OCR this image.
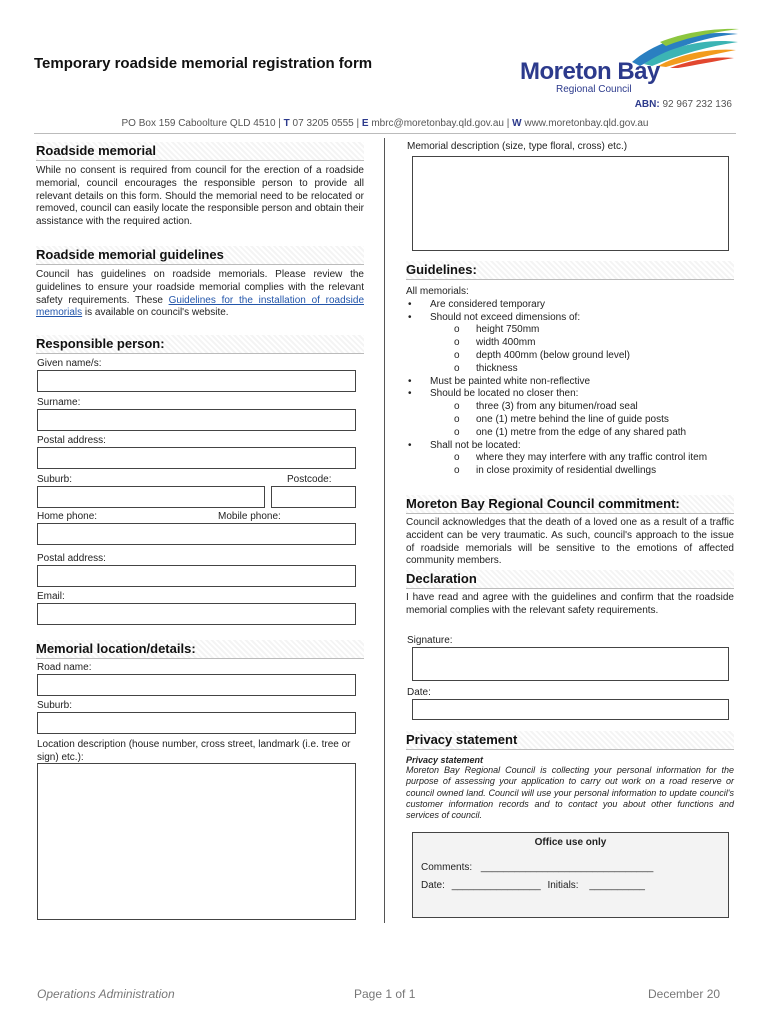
Temporary roadside memorial registration form	Moreton Bay
Regional Council
ABN: 92 967 232 136
PO Box 159 Caboolture QLD 4510 | T 07 3205 0555 | E mbrc@moretonbay.qld.gov.au | W www.moretonbay.qld.gov.au
Roadside memorial
While no consent is required from council for the erection of a roadside memorial, council encourages the responsible person to provide all relevant details on this form. Should the memorial need to be relocated or removed, council can easily locate the responsible person and obtain their assistance with the required action.
Roadside memorial guidelines
Council has guidelines on roadside memorials. Please review the guidelines to ensure your roadside memorial complies with the relevant safety requirements. These Guidelines for the installation of roadside memorials is available on council's website.
Responsible person:
Given name/s:
Surname:
Postal address:
Suburb:	Postcode:
Home phone:	Mobile phone:
Postal address:
Email:
Memorial location/details:
Road name:
Suburb:
Location description (house number, cross street, landmark (i.e. tree or sign) etc.):
Memorial description (size, type floral, cross) etc.)
Guidelines:
All memorials:
• Are considered temporary
• Should not exceed dimensions of:
o height 750mm
o width 400mm
o depth 400mm (below ground level)
o thickness
• Must be painted white non-reflective
• Should be located no closer then:
o three (3) from any bitumen/road seal
o one (1) metre behind the line of guide posts
o one (1) metre from the edge of any shared path
• Shall not be located:
o where they may interfere with any traffic control item
o in close proximity of residential dwellings
Moreton Bay Regional Council commitment:
Council acknowledges that the death of a loved one as a result of a traffic accident can be very traumatic. As such, council's approach to the issue of roadside memorials will be sensitive to the emotions of affected community members.
Declaration
I have read and agree with the guidelines and confirm that the roadside memorial complies with the relevant safety requirements.
Signature:
Date:
Privacy statement
Privacy statement
Moreton Bay Regional Council is collecting your personal information for the purpose of assessing your application to carry out work on a road reserve or council owned land. Council will use your personal information to update council's customer information records and to contact you about other functions and services of council.
Office use only
Comments: _______________________________
Date: ________________ Initials: __________
Operations Administration	Page 1 of 1	December 20
